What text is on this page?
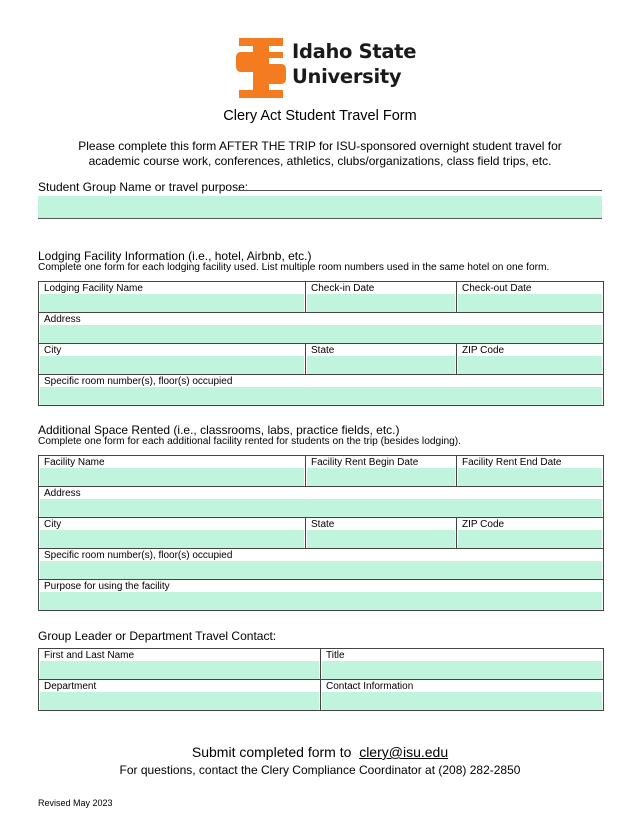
Idaho State
University
Clery Act Student Travel Form
Please complete this form AFTER THE TRIP for ISU-sponsored overnight student travel for
academic course work, conferences, athletics, clubs/organizations, class field trips, etc.
Student Group Name or travel purpose:
Lodging Facility Information (i.e., hotel, Airbnb, etc.)
Complete one form for each lodging facility used. List multiple room numbers used in the same hotel on one form.
Lodging Facility Name	Check-in Date	Check-out Date

Address		

City	State	ZIP Code

Specific room number(s), floor(s) occupied		
Additional Space Rented (i.e., classrooms, labs, practice fields, etc.)
Complete one form for each additional facility rented for students on the trip (besides lodging).
Facility Name	Facility Rent Begin Date	Facility Rent End Date

Address		

City	State	ZIP Code

Specific room number(s), floor(s) occupied		

Purpose for using the facility		
Group Leader or Department Travel Contact:
First and Last Name	Title

Department	Contact Information
Submit completed form to clery@isu.edu
For questions, contact the Clery Compliance Coordinator at (208) 282-2850
Revised May 2023
